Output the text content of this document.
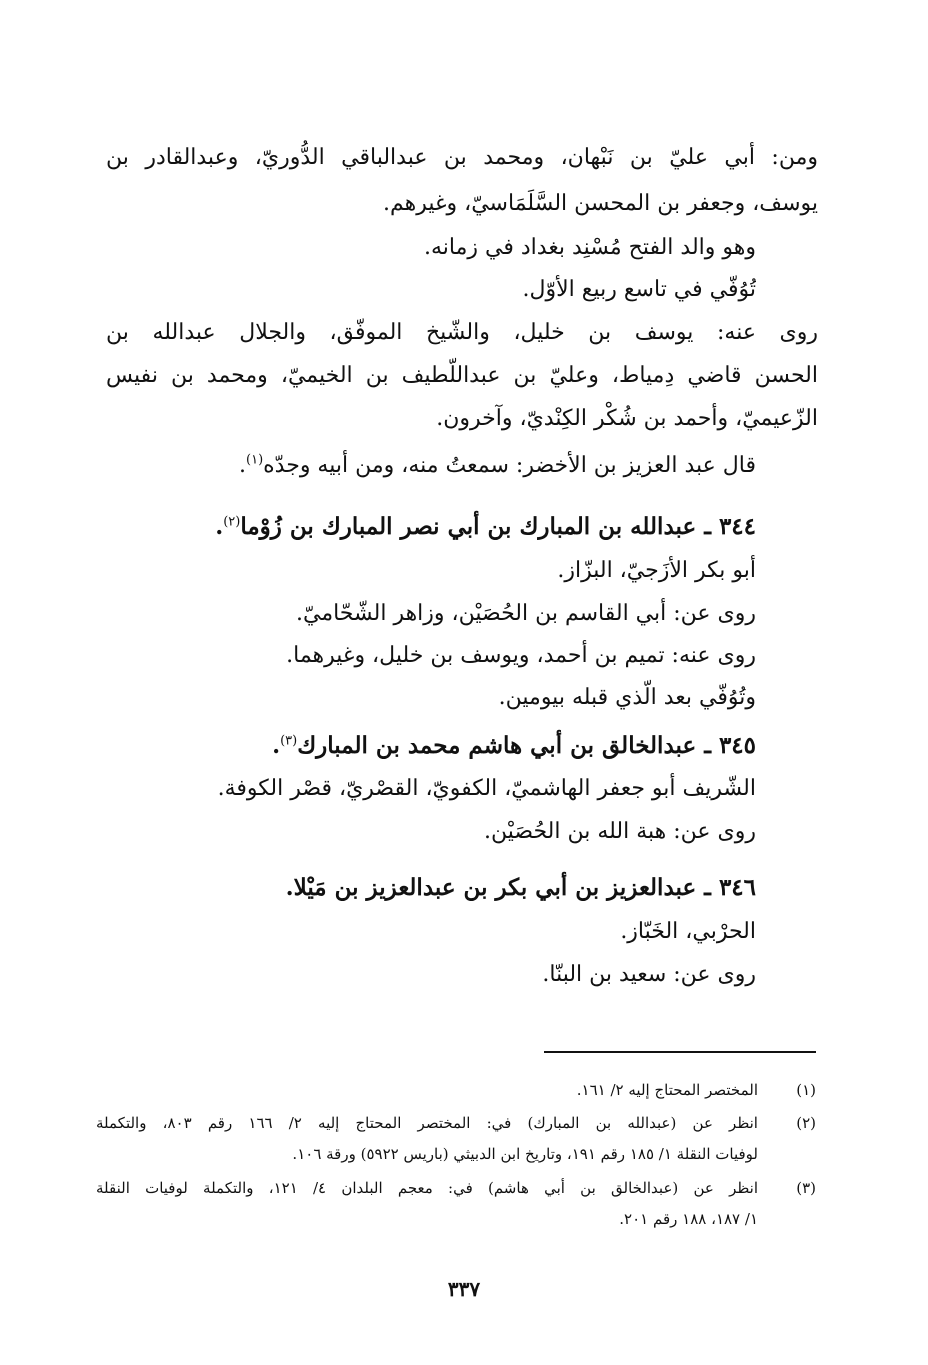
ومن: أبي عليّ بن نَبْهان، ومحمد بن عبدالباقي الدُّوريّ، وعبدالقادر بن
يوسف، وجعفر بن المحسن السَّلَمَاسيّ، وغيرهم.
وهو والد الفتح مُسْنِد بغداد في زمانه.
تُوُفّي في تاسع ربيع الأوّل.
روى عنه: يوسف بن خليل، والشّيخ الموفّق، والجلال عبدالله بن
الحسن قاضي دِمياط، وعليّ بن عبداللّطيف بن الخيميّ، ومحمد بن نفيس
الزّعيميّ، وأحمد بن شُكْر الكِنْديّ، وآخرون.
قال عبد العزيز بن الأخضر: سمعتُ منه، ومن أبيه وجدّه$^{(١)}$.
٣٤٤ ـ عبدالله بن المبارك بن أبي نصر المبارك بن زُوْما$^{(٢)}$.
أبو بكر الأزَجيّ، البزّاز.
روى عن: أبي القاسم بن الحُصَيْن، وزاهر الشّحّاميّ.
روى عنه: تميم بن أحمد، ويوسف بن خليل، وغيرهما.
وتُوُفّي بعد الّذي قبله بيومين.
٣٤٥ ـ عبدالخالق بن أبي هاشم محمد بن المبارك$^{(٣)}$.
الشّريف أبو جعفر الهاشميّ، الكفويّ، القصْريّ، قصْر الكوفة.
روى عن: هبة الله بن الحُصَيْن.
٣٤٦ ـ عبدالعزيز بن أبي بكر بن عبدالعزيز بن مَيْلا.
الحرْبي، الخَبّاز.
روى عن: سعيد بن البنّا.
(١)
المختصر المحتاج إليه ٢/ ١٦١.
(٢)
انظر عن (عبدالله بن المبارك) في: المختصر المحتاج إليه ٢/ ١٦٦ رقم ٨٠٣، والتكملة
لوفيات النقلة ١/ ١٨٥ رقم ١٩١، وتاريخ ابن الدبيثي (باريس ٥٩٢٢) ورقة ١٠٦.
(٣)
انظر عن (عبدالخالق بن أبي هاشم) في: معجم البلدان ٤/ ١٢١، والتكملة لوفيات النقلة
١/ ١٨٧، ١٨٨ رقم ٢٠١.
٣٣٧
